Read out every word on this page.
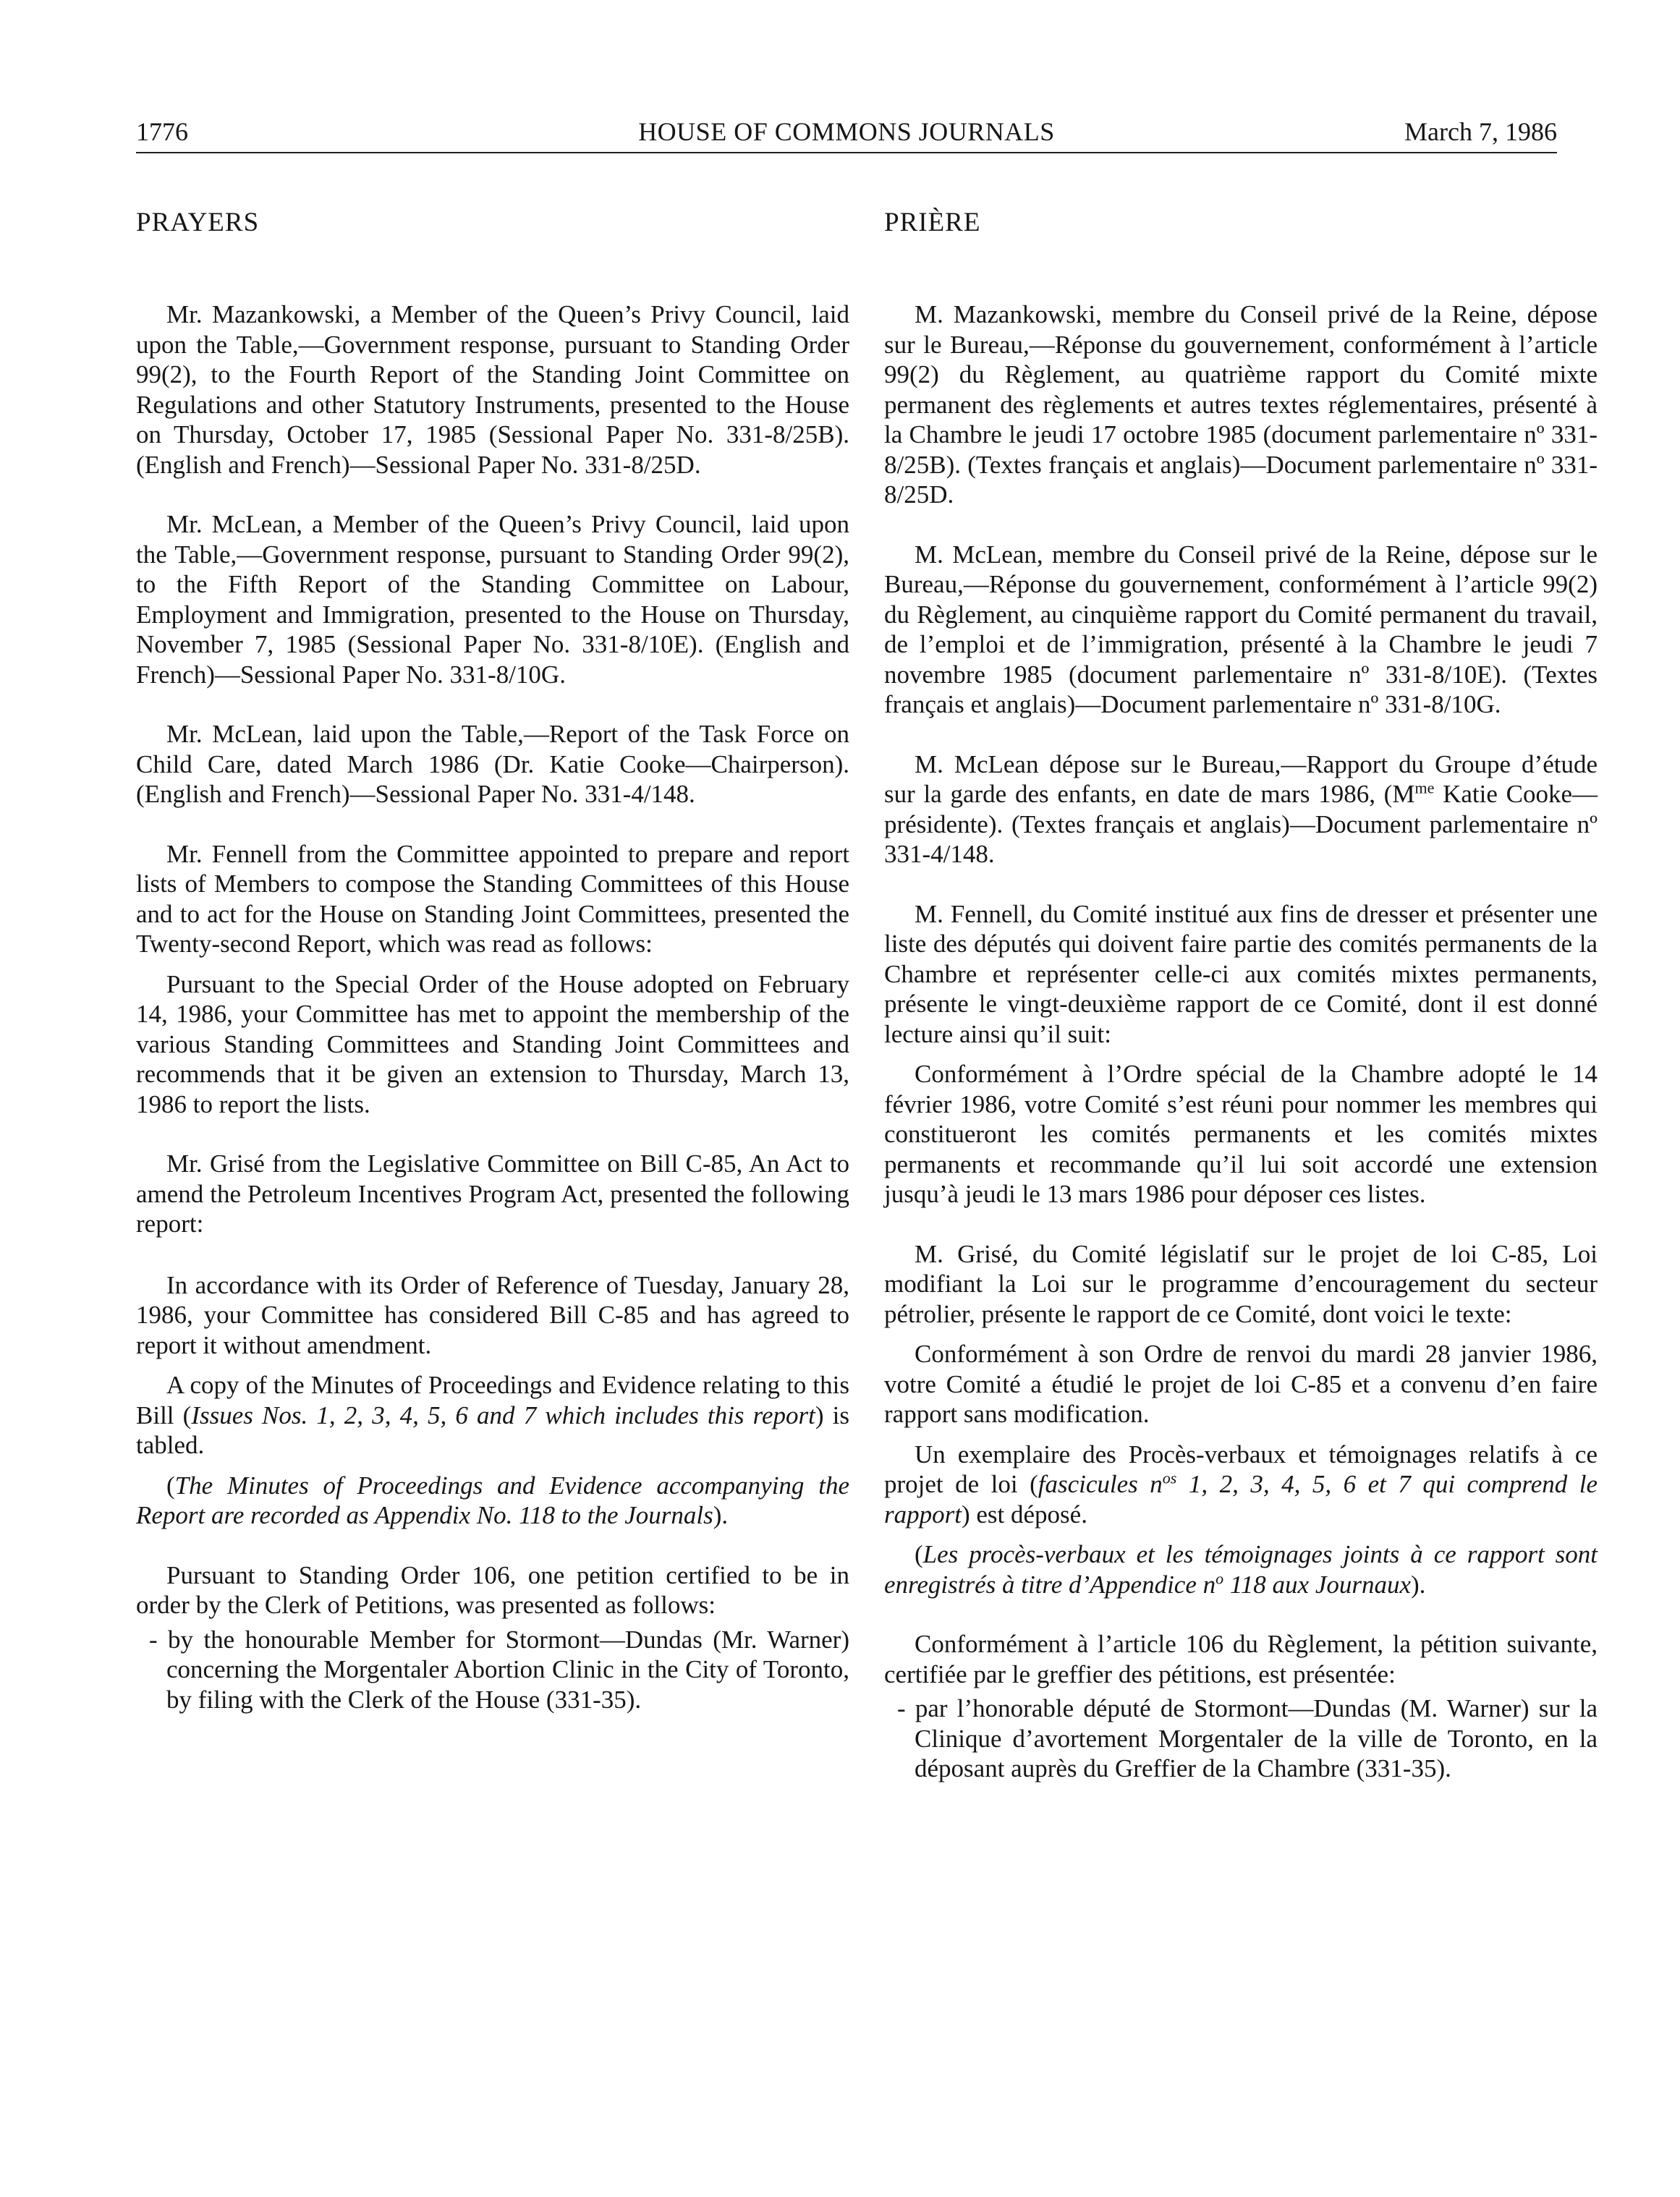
1776	HOUSE OF COMMONS JOURNALS	March 7, 1986
PRAYERS

Mr. Mazankowski, a Member of the Queen’s Privy Council, laid upon the Table,—Government response, pursuant to Standing Order 99(2), to the Fourth Report of the Standing Joint Committee on Regulations and other Statutory Instruments, presented to the House on Thursday, October 17, 1985 (Sessional Paper No. 331-8/25B). (English and French)—Sessional Paper No. 331-8/25D.

Mr. McLean, a Member of the Queen’s Privy Council, laid upon the Table,—Government response, pursuant to Standing Order 99(2), to the Fifth Report of the Standing Committee on Labour, Employment and Immigration, presented to the House on Thursday, November 7, 1985 (Sessional Paper No. 331-8/10E). (English and French)—Sessional Paper No. 331-8/10G.

Mr. McLean, laid upon the Table,—Report of the Task Force on Child Care, dated March 1986 (Dr. Katie Cooke—Chairperson). (English and French)—Sessional Paper No. 331-4/148.

Mr. Fennell from the Committee appointed to prepare and report lists of Members to compose the Standing Committees of this House and to act for the House on Standing Joint Committees, presented the Twenty-second Report, which was read as follows:

Pursuant to the Special Order of the House adopted on February 14, 1986, your Committee has met to appoint the membership of the various Standing Committees and Standing Joint Committees and recommends that it be given an extension to Thursday, March 13, 1986 to report the lists.

Mr. Grisé from the Legislative Committee on Bill C-85, An Act to amend the Petroleum Incentives Program Act, presented the following report:

In accordance with its Order of Reference of Tuesday, January 28, 1986, your Committee has considered Bill C-85 and has agreed to report it without amendment.

A copy of the Minutes of Proceedings and Evidence relating to this Bill (Issues Nos. 1, 2, 3, 4, 5, 6 and 7 which includes this report) is tabled.

(The Minutes of Proceedings and Evidence accompanying the Report are recorded as Appendix No. 118 to the Journals).

Pursuant to Standing Order 106, one petition certified to be in order by the Clerk of Petitions, was presented as follows:

- by the honourable Member for Stormont—Dundas (Mr. Warner) concerning the Morgentaler Abortion Clinic in the City of Toronto, by filing with the Clerk of the House (331-35).

PRIÈRE

M. Mazankowski, membre du Conseil privé de la Reine, dépose sur le Bureau,—Réponse du gouvernement, conformément à l’article 99(2) du Règlement, au quatrième rapport du Comité mixte permanent des règlements et autres textes réglementaires, présenté à la Chambre le jeudi 17 octobre 1985 (document parlementaire nº 331-8/25B). (Textes français et anglais)—Document parlementaire nº 331-8/25D.

M. McLean, membre du Conseil privé de la Reine, dépose sur le Bureau,—Réponse du gouvernement, conformément à l’article 99(2) du Règlement, au cinquième rapport du Comité permanent du travail, de l’emploi et de l’immigration, présenté à la Chambre le jeudi 7 novembre 1985 (document parlementaire nº 331-8/10E). (Textes français et anglais)—Document parlementaire nº 331-8/10G.

M. McLean dépose sur le Bureau,—Rapport du Groupe d’étude sur la garde des enfants, en date de mars 1986, ($M^{me}$ Katie Cooke—présidente). (Textes français et anglais)—Document parlementaire nº 331-4/148.

M. Fennell, du Comité institué aux fins de dresser et présenter une liste des députés qui doivent faire partie des comités permanents de la Chambre et représenter celle-ci aux comités mixtes permanents, présente le vingt-deuxième rapport de ce Comité, dont il est donné lecture ainsi qu’il suit:

Conformément à l’Ordre spécial de la Chambre adopté le 14 février 1986, votre Comité s’est réuni pour nommer les membres qui constitueront les comités permanents et les comités mixtes permanents et recommande qu’il lui soit accordé une extension jusqu’à jeudi le 13 mars 1986 pour déposer ces listes.

M. Grisé, du Comité législatif sur le projet de loi C-85, Loi modifiant la Loi sur le programme d’encouragement du secteur pétrolier, présente le rapport de ce Comité, dont voici le texte:

Conformément à son Ordre de renvoi du mardi 28 janvier 1986, votre Comité a étudié le projet de loi C-85 et a convenu d’en faire rapport sans modification.

Un exemplaire des Procès-verbaux et témoignages relatifs à ce projet de loi (fascicules $n^{os}$ 1, 2, 3, 4, 5, 6 et 7 qui comprend le rapport) est déposé.

(Les procès-verbaux et les témoignages joints à ce rapport sont enregistrés à titre d’Appendice $n^o$ 118 aux Journaux).

Conformément à l’article 106 du Règlement, la pétition suivante, certifiée par le greffier des pétitions, est présentée:

- par l’honorable député de Stormont—Dundas (M. Warner) sur la Clinique d’avortement Morgentaler de la ville de Toronto, en la déposant auprès du Greffier de la Chambre (331-35).
